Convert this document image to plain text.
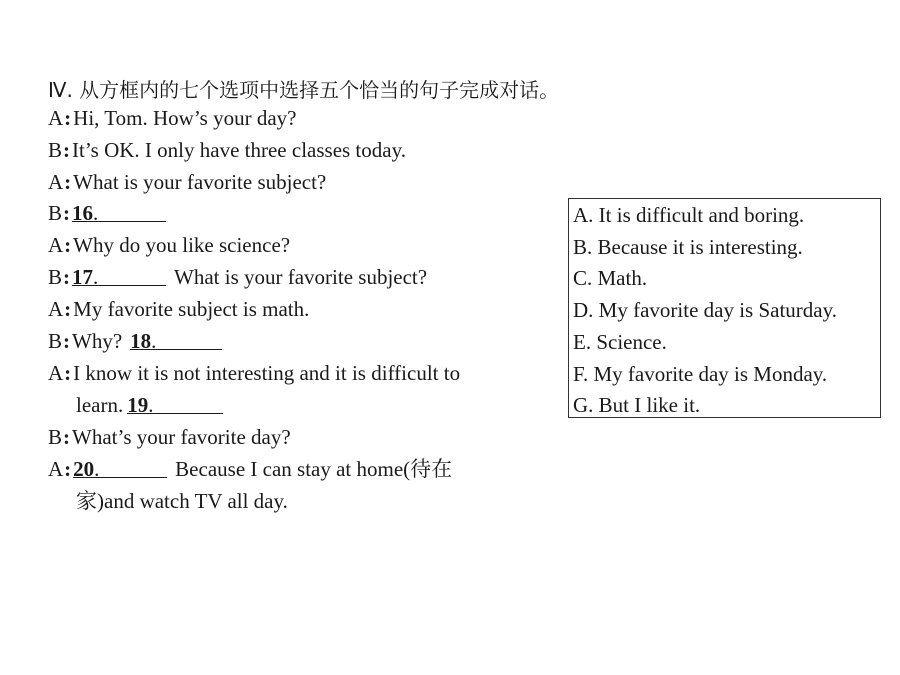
Ⅳ. 从方框内的七个选项中选择五个恰当的句子完成对话。
A:Hi, Tom. How’s your day?
B:It’s OK. I only have three classes today.
A:What is your favorite subject?
B:16.
A:Why do you like science?
B:17.	What is your favorite subject?
A:My favorite subject is math.
B:Why? 18.
A:I know it is not interesting and it is difficult to
learn. 19.
B:What’s your favorite day?
A:20.	Because I can stay at home(待在
家)and watch TV all day.
A. It is difficult and boring.
B. Because it is interesting.
C. Math.
D. My favorite day is Saturday.
E. Science.
F. My favorite day is Monday.
G. But I like it.
